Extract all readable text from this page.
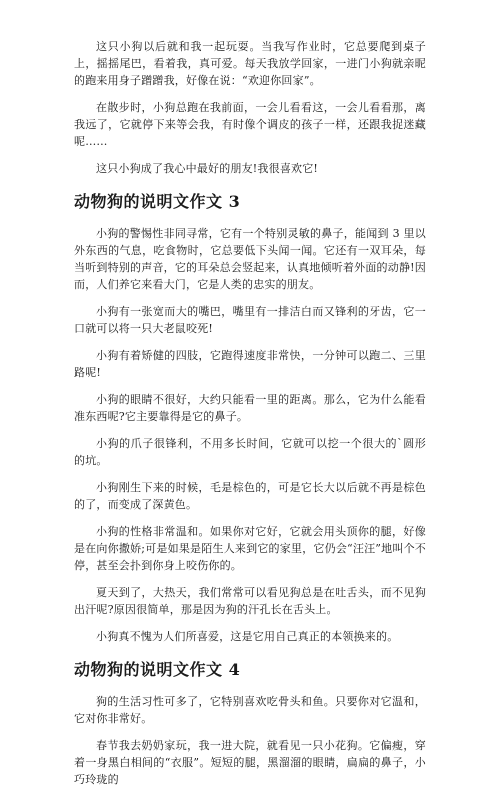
这只小狗以后就和我一起玩耍。当我写作业时，它总要爬到桌子上，摇摇尾巴，看着我，真可爱。每天我放学回家，一进门小狗就亲昵的跑来用身子蹭蹭我，好像在说：“欢迎你回家”。

在散步时，小狗总跑在我前面，一会儿看看这，一会儿看看那，离我远了，它就停下来等会我，有时像个调皮的孩子一样，还跟我捉迷藏呢……

这只小狗成了我心中最好的朋友!我很喜欢它!

动物狗的说明文作文 3

小狗的警惕性非同寻常，它有一个特别灵敏的鼻子，能闻到 3 里以外东西的气息，吃食物时，它总要低下头闻一闻。它还有一双耳朵，每当听到特别的声音，它的耳朵总会竖起来，认真地倾听着外面的动静!因而，人们养它来看大门，它是人类的忠实的朋友。

小狗有一张宽而大的嘴巴，嘴里有一排洁白而又锋利的牙齿，它一口就可以将一只大老鼠咬死!

小狗有着矫健的四肢，它跑得速度非常快，一分钟可以跑二、三里路呢!

小狗的眼睛不很好，大约只能看一里的距离。那么，它为什么能看准东西呢?它主要靠得是它的鼻子。

小狗的爪子很锋利，不用多长时间，它就可以挖一个很大的`圆形的坑。

小狗刚生下来的时候，毛是棕色的，可是它长大以后就不再是棕色的了，而变成了深黄色。

小狗的性格非常温和。如果你对它好，它就会用头顶你的腿，好像是在向你撒娇;可是如果是陌生人来到它的家里，它仍会“汪汪”地叫个不停，甚至会扑到你身上咬伤你的。

夏天到了，大热天，我们常常可以看见狗总是在吐舌头，而不见狗出汗呢?原因很简单，那是因为狗的汗孔长在舌头上。

小狗真不愧为人们所喜爱，这是它用自己真正的本领换来的。

动物狗的说明文作文 4

狗的生活习性可多了，它特别喜欢吃骨头和鱼。只要你对它温和，它对你非常好。

春节我去奶奶家玩，我一进大院，就看见一只小花狗。它偏瘦，穿着一身黑白相间的“衣服”。短短的腿，黑溜溜的眼睛，扁扁的鼻子，小巧玲珑的
